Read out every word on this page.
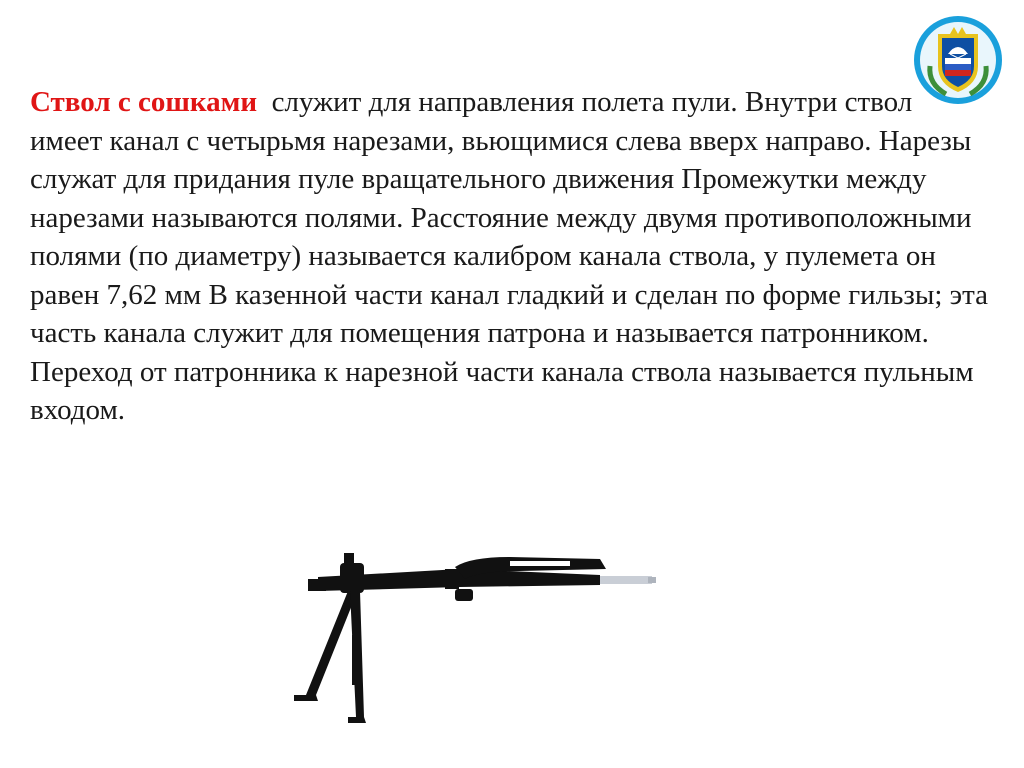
Ствол с сошками служит для направления полета пули. Внутри ствол имеет канал с четырьмя нарезами, вьющимися слева вверх направо. Нарезы служат для придания пуле вращательного движения Промежутки между нарезами называются полями. Расстояние между двумя противоположными полями (по диаметру) называется калибром канала ствола, у пулемета он равен 7,62 мм В казенной части канал гладкий и сделан по форме гильзы; эта часть канала служит для помещения патрона и называется патронником. Переход от патронника к нарезной части канала ствола называется пульным входом.
